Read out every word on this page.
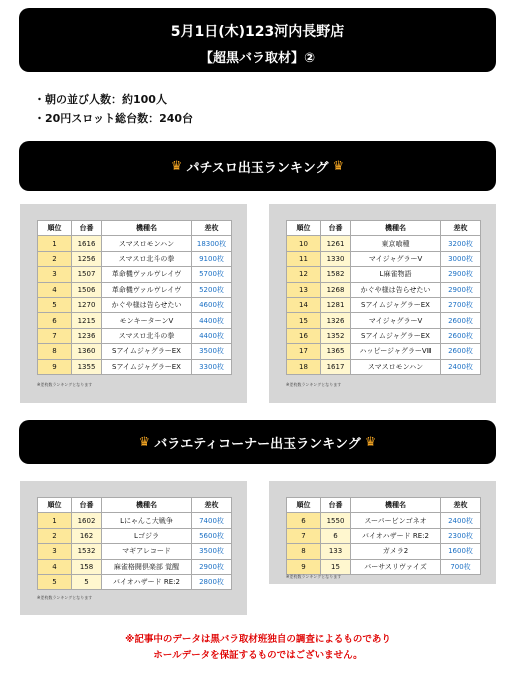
5月1日(木)123河内長野店
【超黒バラ取材】②
・朝の並び人数：約100人
・20円スロット総台数：240台
♛ パチスロ出玉ランキング ♛
順位	台番	機種名	差枚
1	1616	スマスロモンハン	18300枚
2	1256	スマスロ北斗の拳	9100枚
3	1507	革命機ヴァルヴレイヴ	5700枚
4	1506	革命機ヴァルヴレイヴ	5200枚
5	1270	かぐや様は告らせたい	4600枚
6	1215	モンキーターンV	4400枚
7	1236	スマスロ北斗の拳	4400枚
8	1360	SアイムジャグラーEX	3500枚
9	1355	SアイムジャグラーEX	3300枚
※差枚数ランキングとなります
順位	台番	機種名	差枚
10	1261	東京喰種	3200枚
11	1330	マイジャグラーV	3000枚
12	1582	L麻雀物語	2900枚
13	1268	かぐや様は告らせたい	2900枚
14	1281	SアイムジャグラーEX	2700枚
15	1326	マイジャグラーV	2600枚
16	1352	SアイムジャグラーEX	2600枚
17	1365	ハッピージャグラーVⅢ	2600枚
18	1617	スマスロモンハン	2400枚
※差枚数ランキングとなります
♛ バラエティコーナー出玉ランキング ♛
順位	台番	機種名	差枚
1	1602	Lにゃんこ大戦争	7400枚
2	162	Lゴジラ	5600枚
3	1532	マギアレコード	3500枚
4	158	麻雀格闘倶楽部 覚醒	2900枚
5	5	バイオハザード RE:2	2800枚
※差枚数ランキングとなります
順位	台番	機種名	差枚
6	1550	スーパービンゴネオ	2400枚
7	6	バイオハザード RE:2	2300枚
8	133	ガメラ2	1600枚
9	15	バーサスリヴァイズ	700枚
※差枚数ランキングとなります
※記事中のデータは黒バラ取材班独自の調査によるものであり
ホールデータを保証するものではございません。
